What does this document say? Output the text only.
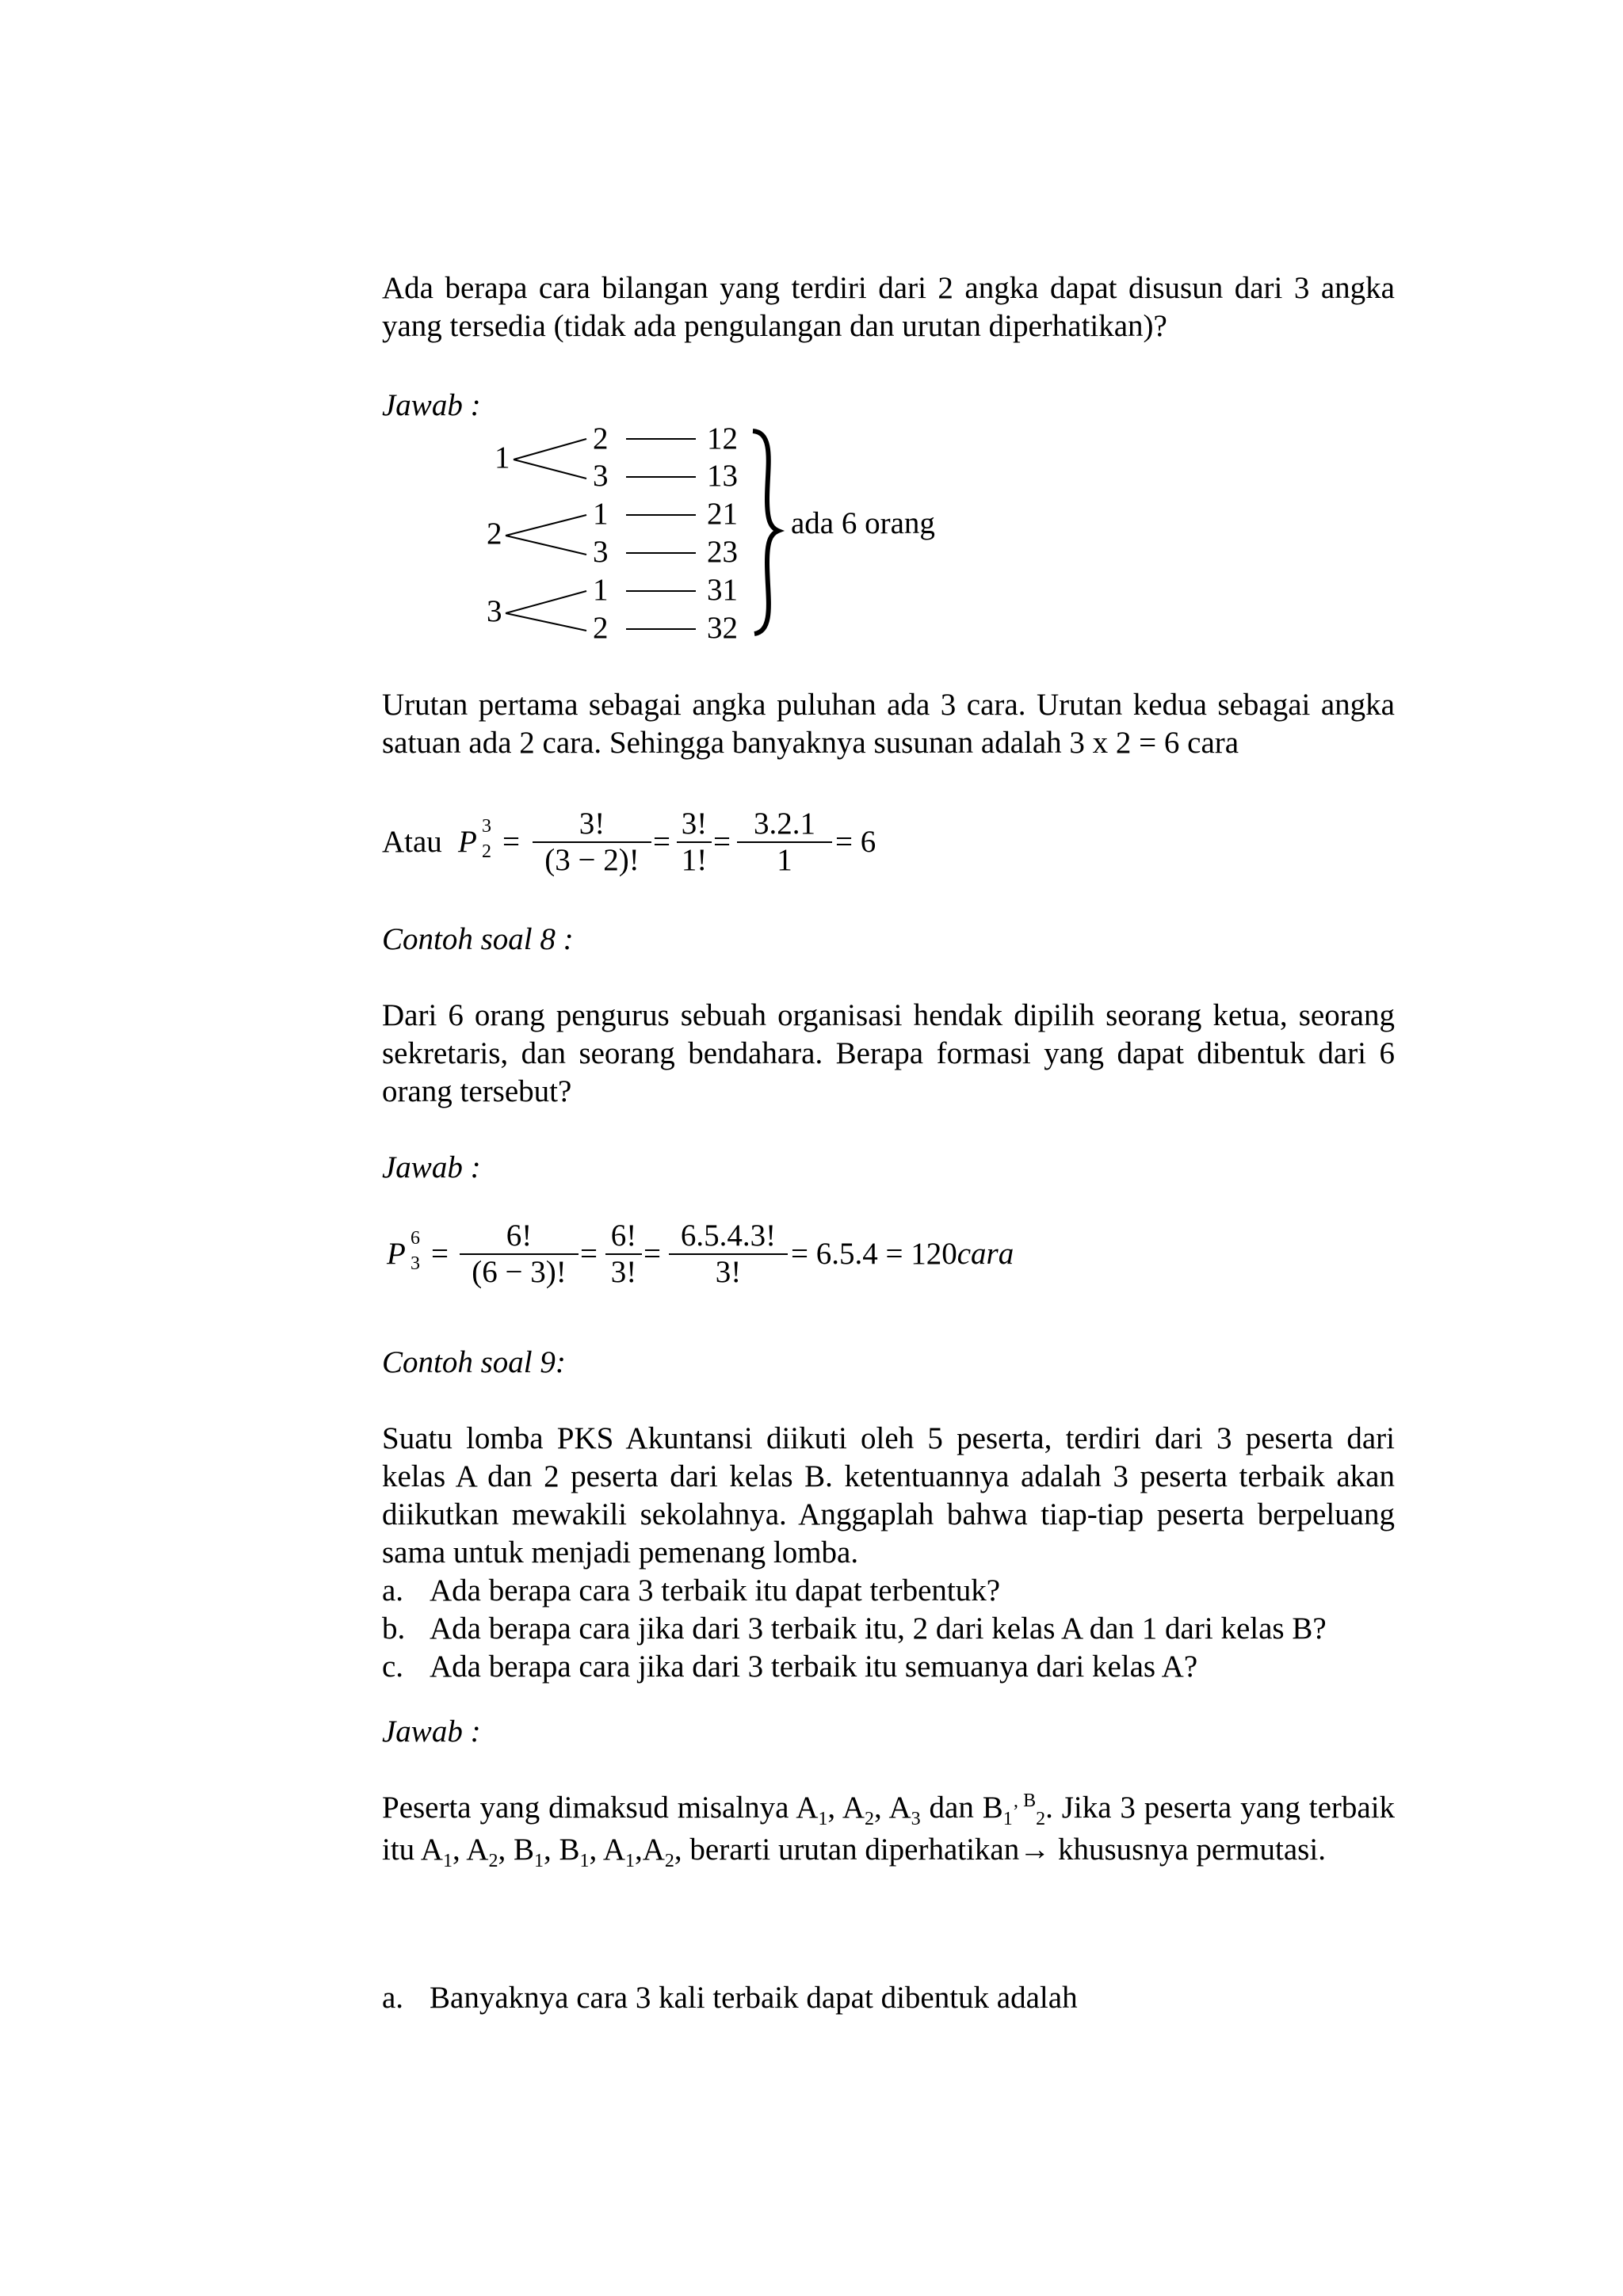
Ada berapa cara bilangan yang terdiri dari 2 angka dapat disusun dari 3 angka yang tersedia (tidak ada pengulangan dan urutan diperhatikan)?
Jawab :
1
2
3
2
3
1
3
1
2
12
13
21
23
31
32
ada 6 orang
Urutan pertama sebagai angka puluhan ada 3 cara. Urutan kedua sebagai angka satuan ada 2 cara. Sehingga banyaknya susunan adalah 3 x 2 = 6 cara
Atau P 3
2 =
3!
(3 − 2)!
=
3!
1!
=
3.2.1
1
= 6
Contoh soal 8 :
Dari 6 orang pengurus sebuah organisasi hendak dipilih seorang ketua, seorang sekretaris, dan seorang bendahara. Berapa formasi yang dapat dibentuk dari 6 orang tersebut?
Jawab :
P 6
3 =
6!
(6 − 3)!
=
6!
3!
=
6.5.4.3!
3!
= 6.5.4 = 120cara
Contoh soal 9:
Suatu lomba PKS Akuntansi diikuti oleh 5 peserta, terdiri dari 3 peserta dari kelas A dan 2 peserta dari kelas B. ketentuannya adalah 3 peserta terbaik akan diikutkan mewakili sekolahnya. Anggaplah bahwa tiap-tiap peserta berpeluang sama untuk menjadi pemenang lomba.
a. Ada berapa cara 3 terbaik itu dapat terbentuk?
b. Ada berapa cara jika dari 3 terbaik itu, 2 dari kelas A dan 1 dari kelas B?
c. Ada berapa cara jika dari 3 terbaik itu semuanya dari kelas A?
Jawab :
Peserta yang dimaksud misalnya $A_1$, $A_2$, $A_3$ dan $B_1$’ $^B_2$. Jika 3 peserta yang terbaik itu $A_1$, $A_2$, $B_1$, $B_1$, $A_1,A_2$, berarti urutan diperhatikan→ khususnya permutasi.
a. Banyaknya cara 3 kali terbaik dapat dibentuk adalah
